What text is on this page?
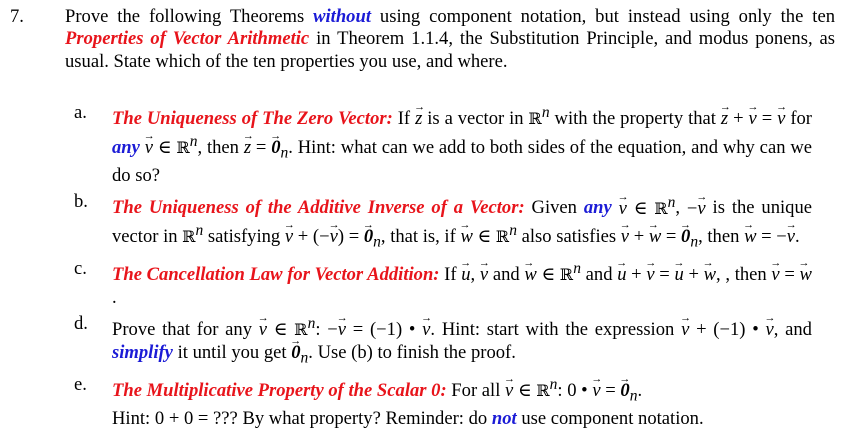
7.	Prove the following Theorems without using component notation, but instead using only the ten Properties of Vector Arithmetic in Theorem 1.1.4, the Substitution Principle, and modus ponens, as usual. State which of the ten properties you use, and where.
a.	The Uniqueness of The Zero Vector: If z → is a vector in ℝ$^n$ with the property that z → + v → = v → for any v → ∈ ℝ$^n$, then z → = $0 \to_n$. Hint: what can we add to both sides of the equation, and why can we do so?
b.	The Uniqueness of the Additive Inverse of a Vector: Given any v → ∈ ℝ$^n$, −v → is the unique vector in ℝ$^n$ satisfying v → + (−v →) = $0 \to_n$, that is, if w → ∈ ℝ$^n$ also satisfies v → + w → = $0 \to_n$, then w → = −v →.
c.	The Cancellation Law for Vector Addition: If u →, v → and w → ∈ ℝ$^n$ and u → + v → = u → + w →, , then v → = w →.
d.	Prove that for any v → ∈ ℝ$^n$: −v → = (−1) • v →. Hint: start with the expression v → + (−1) • v →, and simplify it until you get $0 \to_n$. Use (b) to finish the proof.
e.	The Multiplicative Property of the Scalar 0: For all v → ∈ ℝ$^n$: 0 • v → = $0 \to_n$.
Hint: 0 + 0 = ??? By what property? Reminder: do not use component notation.
